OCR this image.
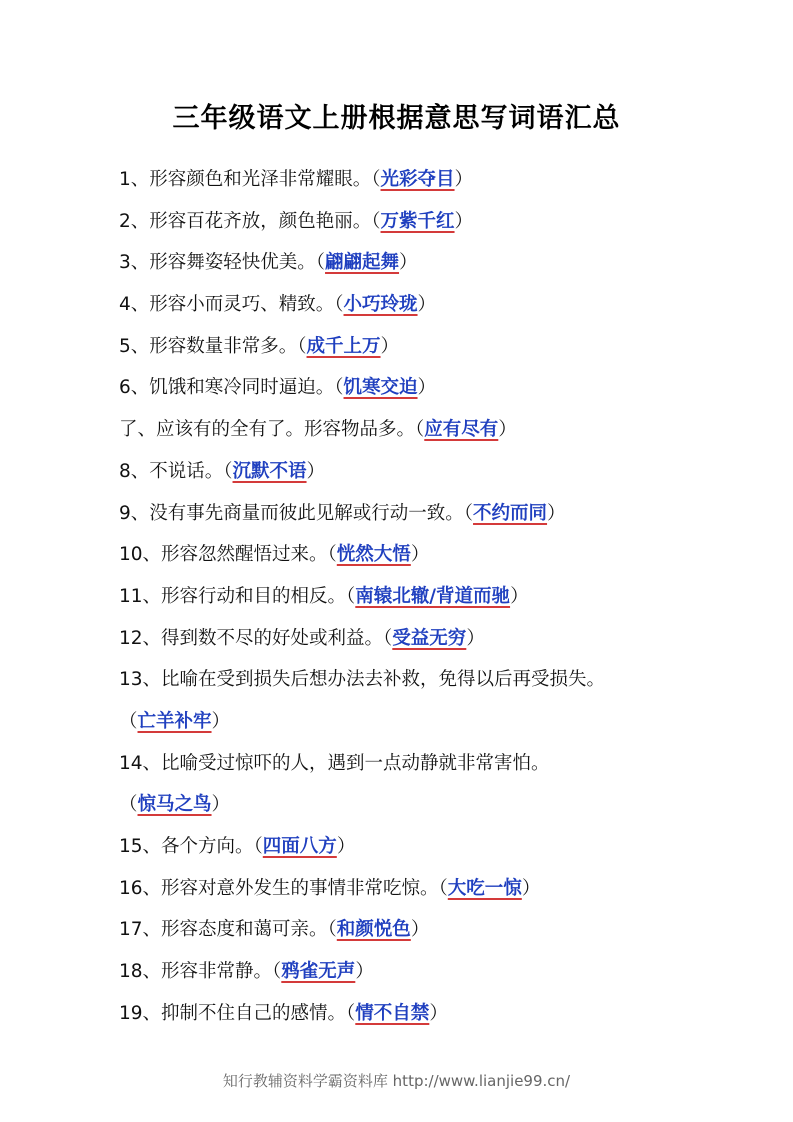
三年级语文上册根据意思写词语汇总
1、形容颜色和光泽非常耀眼。（光彩夺目）
2、形容百花齐放，颜色艳丽。（万紫千红）
3、形容舞姿轻快优美。（翩翩起舞）
4、形容小而灵巧、精致。（小巧玲珑）
5、形容数量非常多。（成千上万）
6、饥饿和寒冷同时逼迫。（饥寒交迫）
了、应该有的全有了。形容物品多。（应有尽有）
8、不说话。（沉默不语）
9、没有事先商量而彼此见解或行动一致。（不约而同）
10、形容忽然醒悟过来。（恍然大悟）
11、形容行动和目的相反。（南辕北辙/背道而驰）
12、得到数不尽的好处或利益。（受益无穷）
13、比喻在受到损失后想办法去补救，免得以后再受损失。
（亡羊补牢）
14、比喻受过惊吓的人，遇到一点动静就非常害怕。
（惊马之鸟）
15、各个方向。（四面八方）
16、形容对意外发生的事情非常吃惊。（大吃一惊）
17、形容态度和蔼可亲。（和颜悦色）
18、形容非常静。（鸦雀无声）
19、抑制不住自己的感情。（情不自禁）
知行教辅资料学霸资料库 http://www.lianjie99.cn/
